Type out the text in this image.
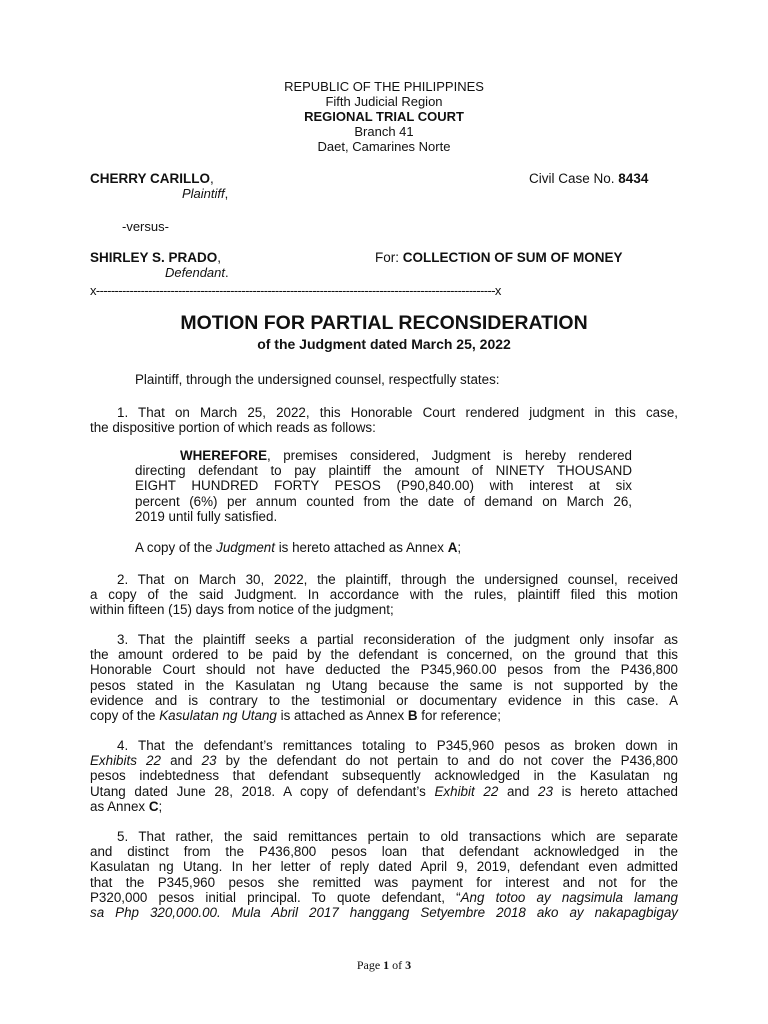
REPUBLIC OF THE PHILIPPINES
Fifth Judicial Region
REGIONAL TRIAL COURT
Branch 41
Daet, Camarines Norte
CHERRY CARILLO,
Plaintiff,
Civil Case No. 8434
-versus-
SHIRLEY S. PRADO,
Defendant.
For: COLLECTION OF SUM OF MONEY
x-----------------------------------------------------------------------------------------------------------x
MOTION FOR PARTIAL RECONSIDERATION
of the Judgment dated March 25, 2022
Plaintiff, through the undersigned counsel, respectfully states:
1. That on March 25, 2022, this Honorable Court rendered judgment in this case,
the dispositive portion of which reads as follows:
WHEREFORE, premises considered, Judgment is hereby rendered
directing defendant to pay plaintiff the amount of NINETY THOUSAND
EIGHT HUNDRED FORTY PESOS (P90,840.00) with interest at six
percent (6%) per annum counted from the date of demand on March 26,
2019 until fully satisfied.
A copy of the Judgment is hereto attached as Annex A;
2. That on March 30, 2022, the plaintiff, through the undersigned counsel, received
a copy of the said Judgment. In accordance with the rules, plaintiff filed this motion
within fifteen (15) days from notice of the judgment;
3. That the plaintiff seeks a partial reconsideration of the judgment only insofar as
the amount ordered to be paid by the defendant is concerned, on the ground that this
Honorable Court should not have deducted the P345,960.00 pesos from the P436,800
pesos stated in the Kasulatan ng Utang because the same is not supported by the
evidence and is contrary to the testimonial or documentary evidence in this case. A
copy of the Kasulatan ng Utang is attached as Annex B for reference;
4. That the defendant’s remittances totaling to P345,960 pesos as broken down in
Exhibits 22 and 23 by the defendant do not pertain to and do not cover the P436,800
pesos indebtedness that defendant subsequently acknowledged in the Kasulatan ng
Utang dated June 28, 2018. A copy of defendant’s Exhibit 22 and 23 is hereto attached
as Annex C;
5. That rather, the said remittances pertain to old transactions which are separate
and distinct from the P436,800 pesos loan that defendant acknowledged in the
Kasulatan ng Utang. In her letter of reply dated April 9, 2019, defendant even admitted
that the P345,960 pesos she remitted was payment for interest and not for the
P320,000 pesos initial principal. To quote defendant, “Ang totoo ay nagsimula lamang
sa Php 320,000.00. Mula Abril 2017 hanggang Setyembre 2018 ako ay nakapagbigay
Page 1 of 3
